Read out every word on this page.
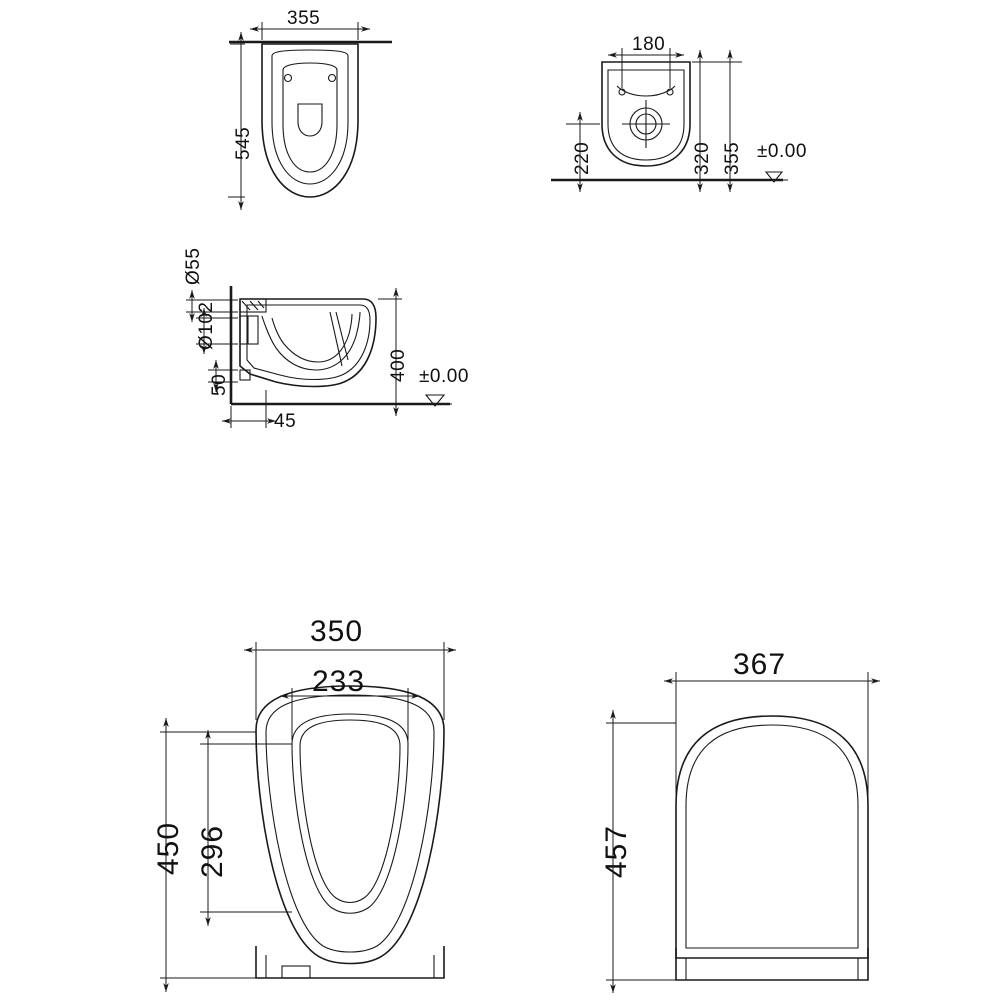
355
545
180
220	320 355 ±0.00
Ø55
Ø102
50
45
400 ±0.00
350
233
450 296
367
457
